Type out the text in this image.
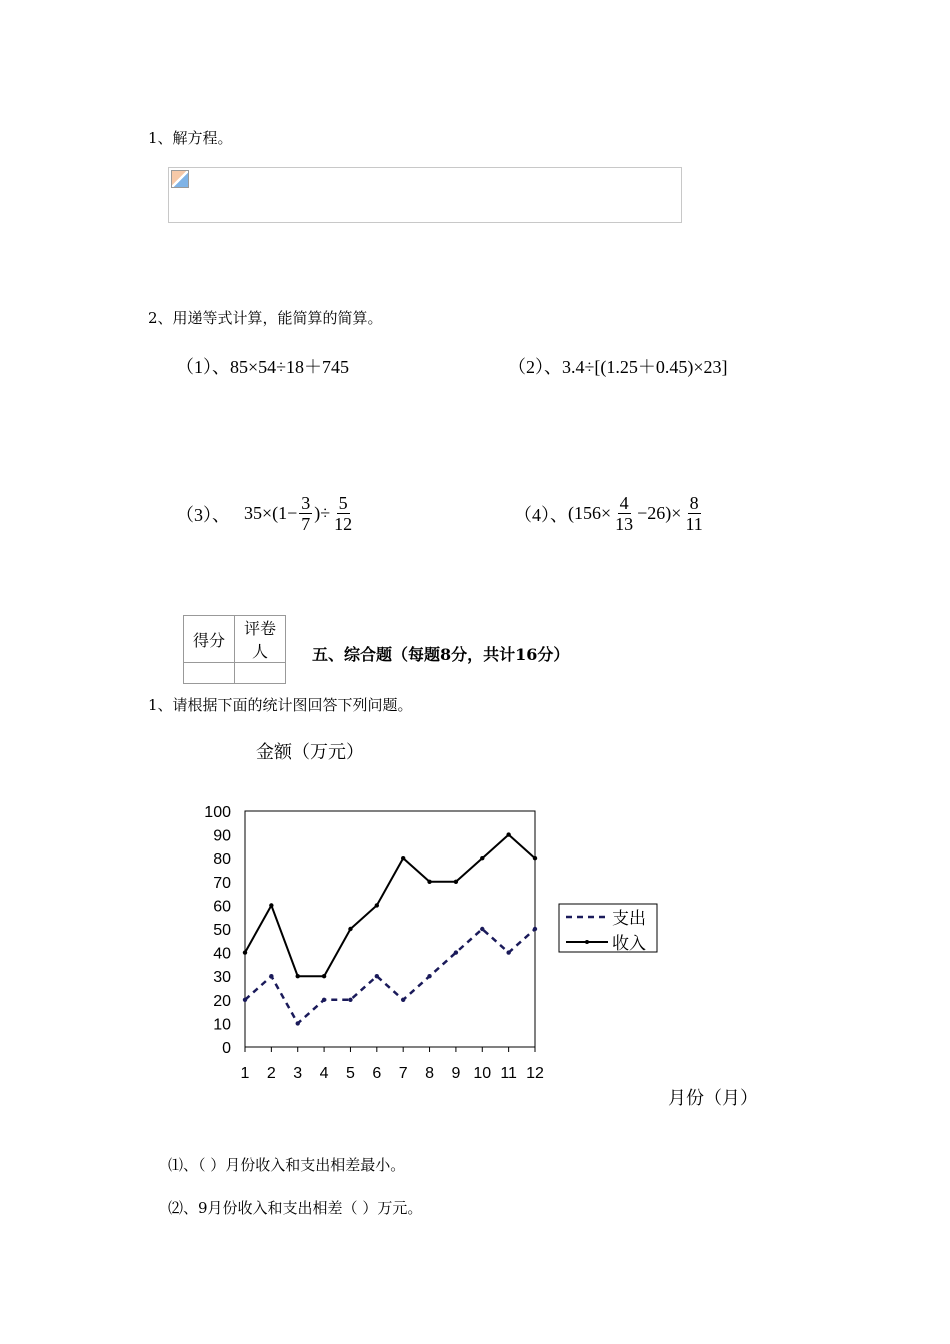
1、解方程。
2、用递等式计算，能简算的简算。
（1）、 85×54÷18＋745	（2）、 3.4÷[(1.25＋0.45)×23]
（3）、 $35\times(1- \frac{3}{7}$ )÷ $\frac{5}{12}$	（4）、 $(156\times \frac{4}{13} -26)\times \frac{8}{11}$
得分	评卷人
		五、综合题（每题8分，共计16分）
1、请根据下面的统计图回答下列问题。
金额（万元）
月份（月）
0
10
20
30
40
50
60
70
80
90
100
1 2 3 4 5 6 7 8 9 10 11 12
支出
收入
⑴、（ ）月份收入和支出相差最小。
⑵、9月份收入和支出相差（ ）万元。
